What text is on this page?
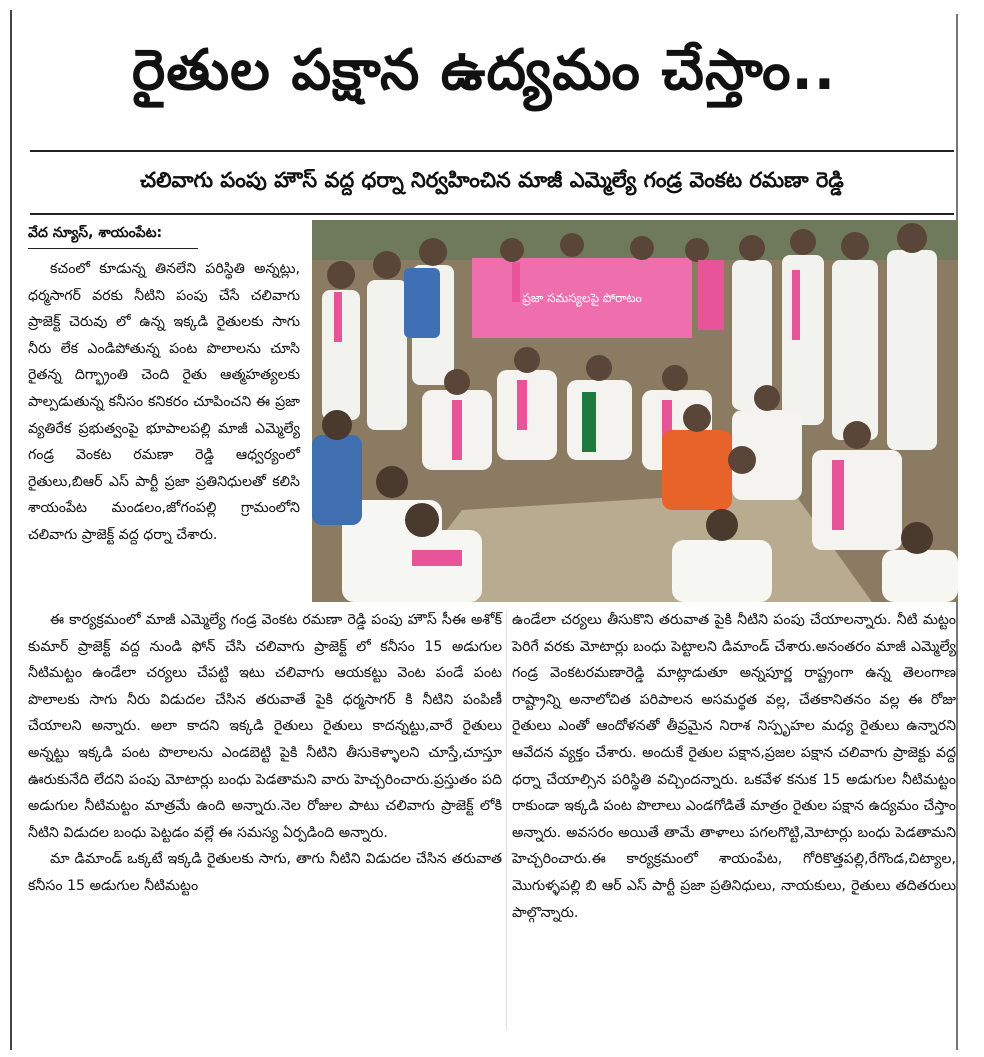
రైతుల పక్షాన ఉద్యమం చేస్తాం..
చలివాగు పంపు హౌస్ వద్ద ధర్నా నిర్వహించిన మాజీ ఎమ్మెల్యే గండ్ర వెంకట రమణా రెడ్డి
వేద న్యూస్, శాయంపేట:

కచంలో కూడున్న తినలేని పరిస్థితి అన్నట్లు, ధర్మసాగర్ వరకు నీటిని పంపు చేసే చలివాగు ప్రాజెక్ట్ చెరువు లో ఉన్న ఇక్కడి రైతులకు సాగు నీరు లేక ఎండిపోతున్న పంట పొలాలను చూసి రైతన్న దిగ్భ్రాంతి చెంది రైతు ఆత్మహత్యలకు పాల్పడుతున్న కనీసం కనికరం చూపించని ఈ ప్రజా వ్యతిరేక ప్రభుత్వంపై భూపాలపల్లి మాజీ ఎమ్మెల్యే గండ్ర వెంకట రమణా రెడ్డి ఆధ్వర్యంలో రైతులు,బిఆర్ ఎస్ పార్టీ ప్రజా ప్రతినిధులతో కలిసి శాయంపేట మండలం,జోగంపల్లి గ్రామంలోని చలివాగు ప్రాజెక్ట్ వద్ద ధర్నా చేశారు.

ప్రజా సమస్యలపై పోరాటం

ఈ కార్యక్రమంలో మాజీ ఎమ్మెల్యే గండ్ర వెంకట రమణా రెడ్డి పంపు హౌస్ సీఈ అశోక్ కుమార్ ప్రాజెక్ట్ వద్ద నుండి ఫోన్ చేసి చలివాగు ప్రాజెక్ట్ లో కనీసం 15 అడుగుల నీటిమట్టం ఉండేలా చర్యలు చేపట్టి ఇటు చలివాగు ఆయకట్టు వెంట పండే పంట పొలాలకు సాగు నీరు విడుదల చేసిన తరువాతే పైకి ధర్మసాగర్ కి నీటిని పంపిణీ చేయాలని అన్నారు. అలా కాదని ఇక్కడి రైతులు రైతులు కాదన్నట్టు,వారే రైతులు అన్నట్టు ఇక్కడి పంట పొలాలను ఎండబెట్టి పైకి నీటిని తీసుకెళ్ళాలని చూస్తే,చూస్తూ ఊరుకునేది లేదని పంపు మోటార్లు బంధు పెడతామని వారు హెచ్చరించారు.ప్రస్తుతం పది అడుగుల నీటిమట్టం మాత్రమే ఉంది అన్నారు.నెల రోజుల పాటు చలివాగు ప్రాజెక్ట్ లోకి నీటిని విడుదల బంధు పెట్టడం వల్లే ఈ సమస్య ఏర్పడింది అన్నారు.

మా డిమాండ్ ఒక్కటే ఇక్కడి రైతులకు సాగు, తాగు నీటిని విడుదల చేసిన తరువాత కనీసం 15 అడుగుల నీటిమట్టం

ఉండేలా చర్యలు తీసుకొని తరువాత పైకి నీటిని పంపు చేయాలన్నారు. నీటి మట్టం పెరిగే వరకు మోటార్లు బంధు పెట్టాలని డిమాండ్ చేశారు.అనంతరం మాజీ ఎమ్మెల్యే గండ్ర వెంకటరమణారెడ్డి మాట్లాడుతూ అన్నపూర్ణ రాష్ట్రంగా ఉన్న తెలంగాణ రాష్ట్రాన్ని అనాలోచిత పరిపాలన అసమర్థత వల్ల, చేతకానితనం వల్ల ఈ రోజు రైతులు ఎంతో ఆందోళనతో తీవ్రమైన నిరాశ నిస్పృహల మధ్య రైతులు ఉన్నారని ఆవేదన వ్యక్తం చేశారు. అందుకే రైతుల పక్షాన,ప్రజల పక్షాన చలివాగు ప్రాజెక్టు వద్ద ధర్నా చేయాల్సిన పరిస్థితి వచ్చిందన్నారు. ఒకవేళ కనుక 15 అడుగుల నీటిమట్టం రాకుండా ఇక్కడి పంట పొలాలు ఎండగోడితే మాత్రం రైతుల పక్షాన ఉద్యమం చేస్తాం అన్నారు. అవసరం అయితే తామే తాళాలు పగలగొట్టి,మోటార్లు బంధు పెడతామని హెచ్చరించారు.ఈ కార్యక్రమంలో శాయంపేట, గోరికొత్తపల్లి,రేగొండ,చిట్యాల, మొగుళ్ళపల్లి బి ఆర్ ఎస్ పార్టీ ప్రజా ప్రతినిధులు, నాయకులు, రైతులు తదితరులు పాల్గొన్నారు.
